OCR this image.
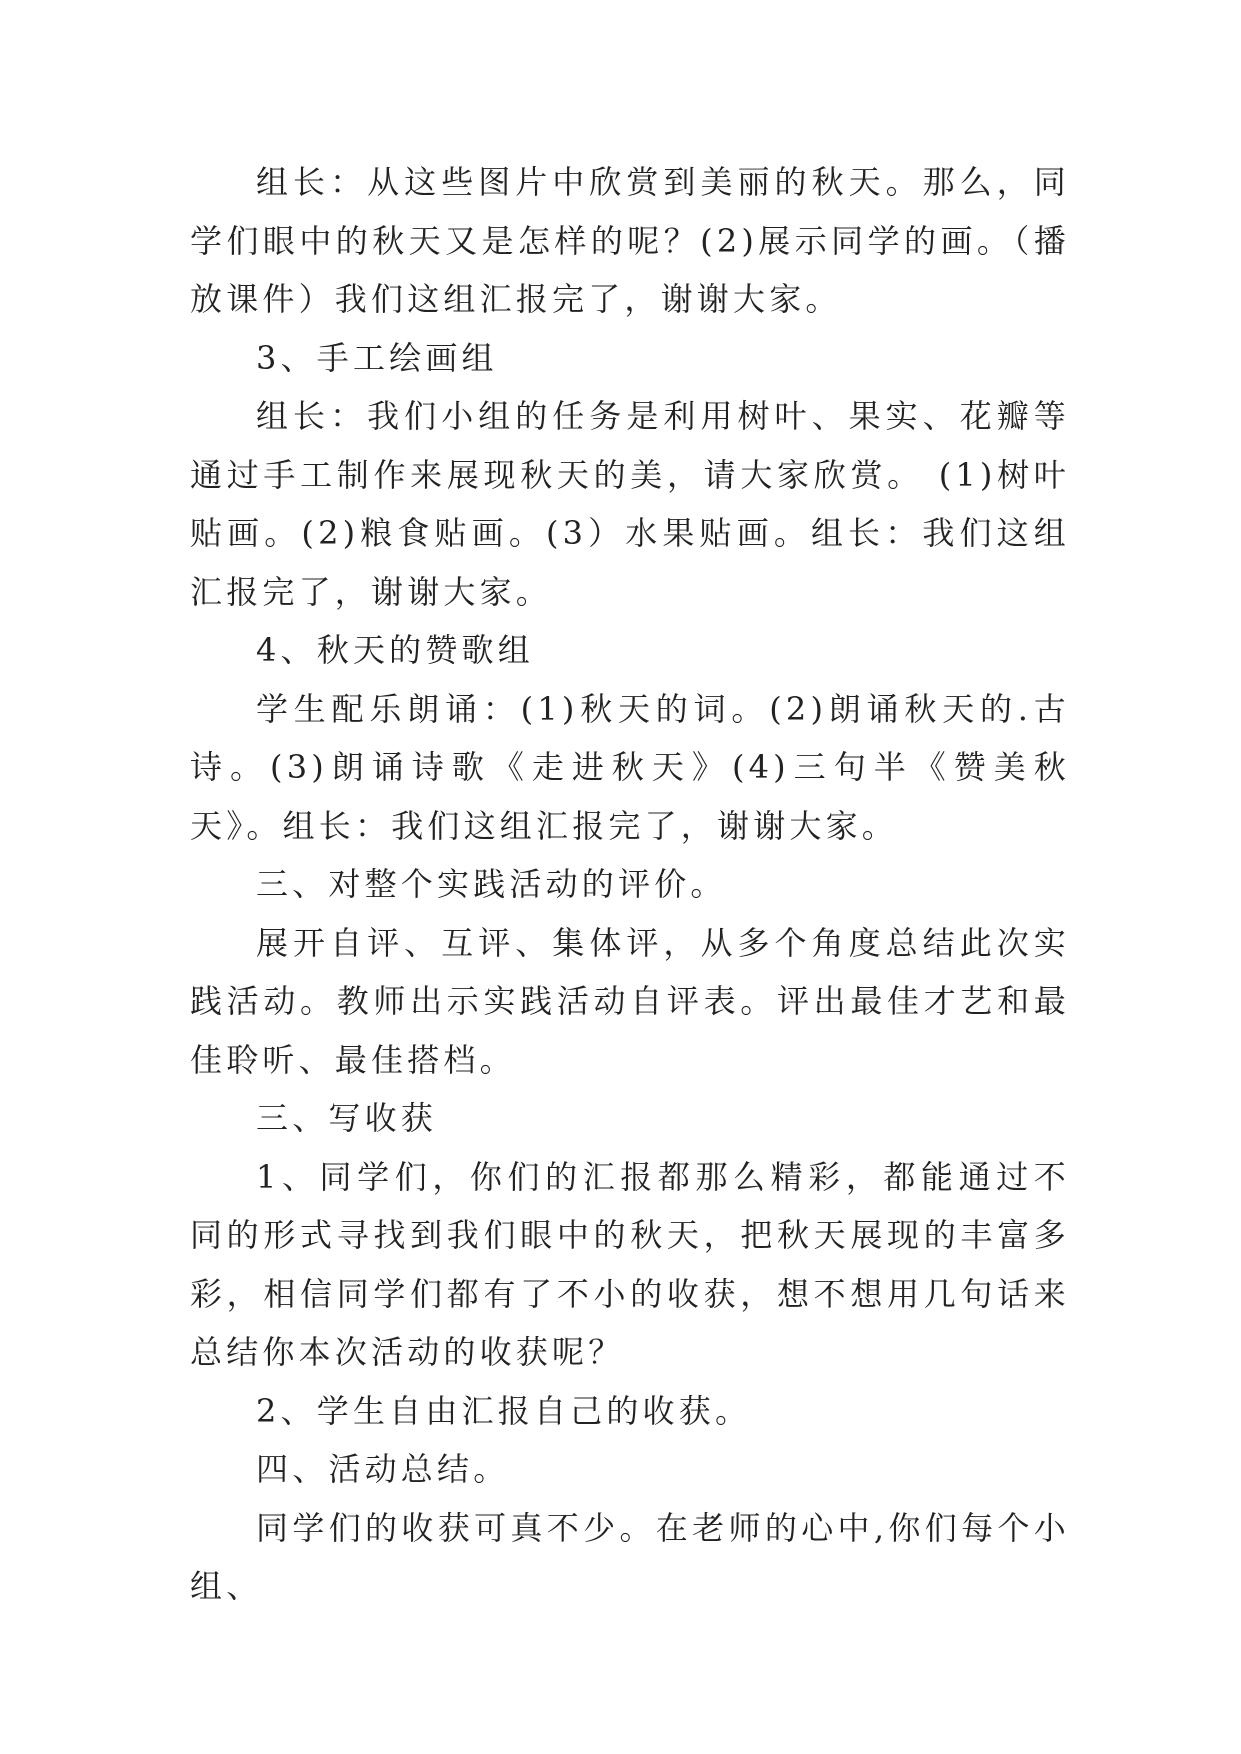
组长：从这些图片中欣赏到美丽的秋天。那么，同学们眼中的秋天又是怎样的呢？(2)展示同学的画。（播放课件）我们这组汇报完了，谢谢大家。

3、手工绘画组

组长：我们小组的任务是利用树叶、果实、花瓣等通过手工制作来展现秋天的美，请大家欣赏。 (1)树叶贴画。(2)粮食贴画。(3）水果贴画。组长：我们这组汇报完了，谢谢大家。

4、秋天的赞歌组

学生配乐朗诵：(1)秋天的词。(2)朗诵秋天的.古诗。(3)朗诵诗歌《走进秋天》(4)三句半《赞美秋天》。组长：我们这组汇报完了，谢谢大家。

三、对整个实践活动的评价。

展开自评、互评、集体评，从多个角度总结此次实践活动。教师出示实践活动自评表。评出最佳才艺和最佳聆听、最佳搭档。

三、写收获

1、同学们，你们的汇报都那么精彩，都能通过不同的形式寻找到我们眼中的秋天，把秋天展现的丰富多彩，相信同学们都有了不小的收获，想不想用几句话来总结你本次活动的收获呢？

2、学生自由汇报自己的收获。

四、活动总结。

同学们的收获可真不少。在老师的心中,你们每个小组、
